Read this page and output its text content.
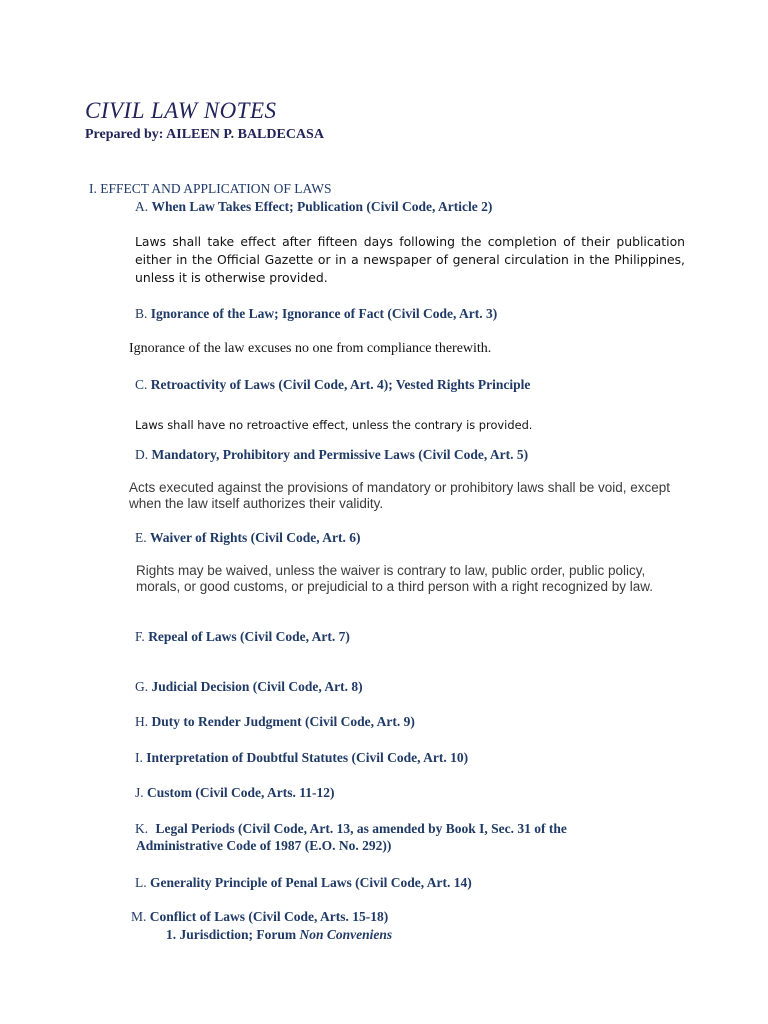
CIVIL LAW NOTES
Prepared by: AILEEN P. BALDECASA
I. EFFECT AND APPLICATION OF LAWS
A. When Law Takes Effect; Publication (Civil Code, Article 2)
Laws shall take effect after fifteen days following the completion of their publication either in the Official Gazette or in a newspaper of general circulation in the Philippines, unless it is otherwise provided.
B. Ignorance of the Law; Ignorance of Fact (Civil Code, Art. 3)
Ignorance of the law excuses no one from compliance therewith.
C. Retroactivity of Laws (Civil Code, Art. 4); Vested Rights Principle
Laws shall have no retroactive effect, unless the contrary is provided.
D. Mandatory, Prohibitory and Permissive Laws (Civil Code, Art. 5)
Acts executed against the provisions of mandatory or prohibitory laws shall be void, except when the law itself authorizes their validity.
E. Waiver of Rights (Civil Code, Art. 6)
Rights may be waived, unless the waiver is contrary to law, public order, public policy, morals, or good customs, or prejudicial to a third person with a right recognized by law.
F. Repeal of Laws (Civil Code, Art. 7)
G. Judicial Decision (Civil Code, Art. 8)
H. Duty to Render Judgment (Civil Code, Art. 9)
I. Interpretation of Doubtful Statutes (Civil Code, Art. 10)
J. Custom (Civil Code, Arts. 11-12)
K. Legal Periods (Civil Code, Art. 13, as amended by Book I, Sec. 31 of the
Administrative Code of 1987 (E.O. No. 292))
L. Generality Principle of Penal Laws (Civil Code, Art. 14)
M. Conflict of Laws (Civil Code, Arts. 15-18)
1. Jurisdiction; Forum Non Conveniens
